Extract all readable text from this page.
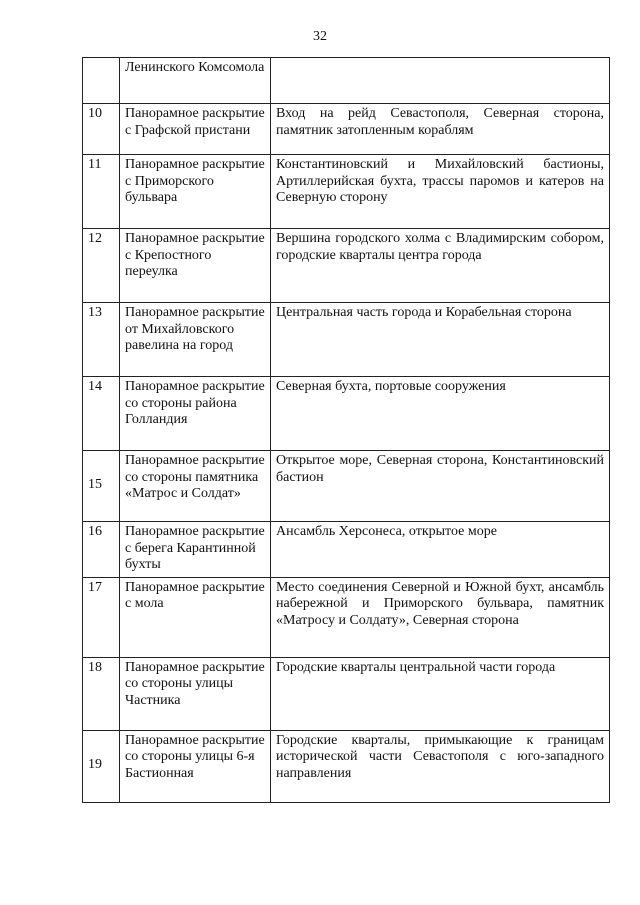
32
	Ленинского Комсомола	
10	Панорамное раскрытие с Графской пристани	Вход на рейд Севастополя, Северная сторона, памятник затопленным кораблям
11	Панорамное раскрытие с Приморского бульвара	Константиновский и Михайловский бастионы, Артиллерийская бухта, трассы паромов и катеров на Северную сторону
12	Панорамное раскрытие с Крепостного переулка	Вершина городского холма с Владимирским собором, городские кварталы центра города
13	Панорамное раскрытие от Михайловского равелина на город	Центральная часть города и Корабельная сторона
14	Панорамное раскрытие со стороны района Голландия	Северная бухта, портовые сооружения
15	Панорамное раскрытие со стороны памятника «Матрос и Солдат»	Открытое море, Северная сторона, Константиновский бастион
16	Панорамное раскрытие с берега Карантинной бухты	Ансамбль Херсонеса, открытое море
17	Панорамное раскрытие с мола	Место соединения Северной и Южной бухт, ансамбль набережной и Приморского бульвара, памятник «Матросу и Солдату», Северная сторона
18	Панорамное раскрытие со стороны улицы Частника	Городские кварталы центральной части города
19	Панорамное раскрытие со стороны улицы 6-я Бастионная	Городские кварталы, примыкающие к границам исторической части Севастополя с юго-западного направления
